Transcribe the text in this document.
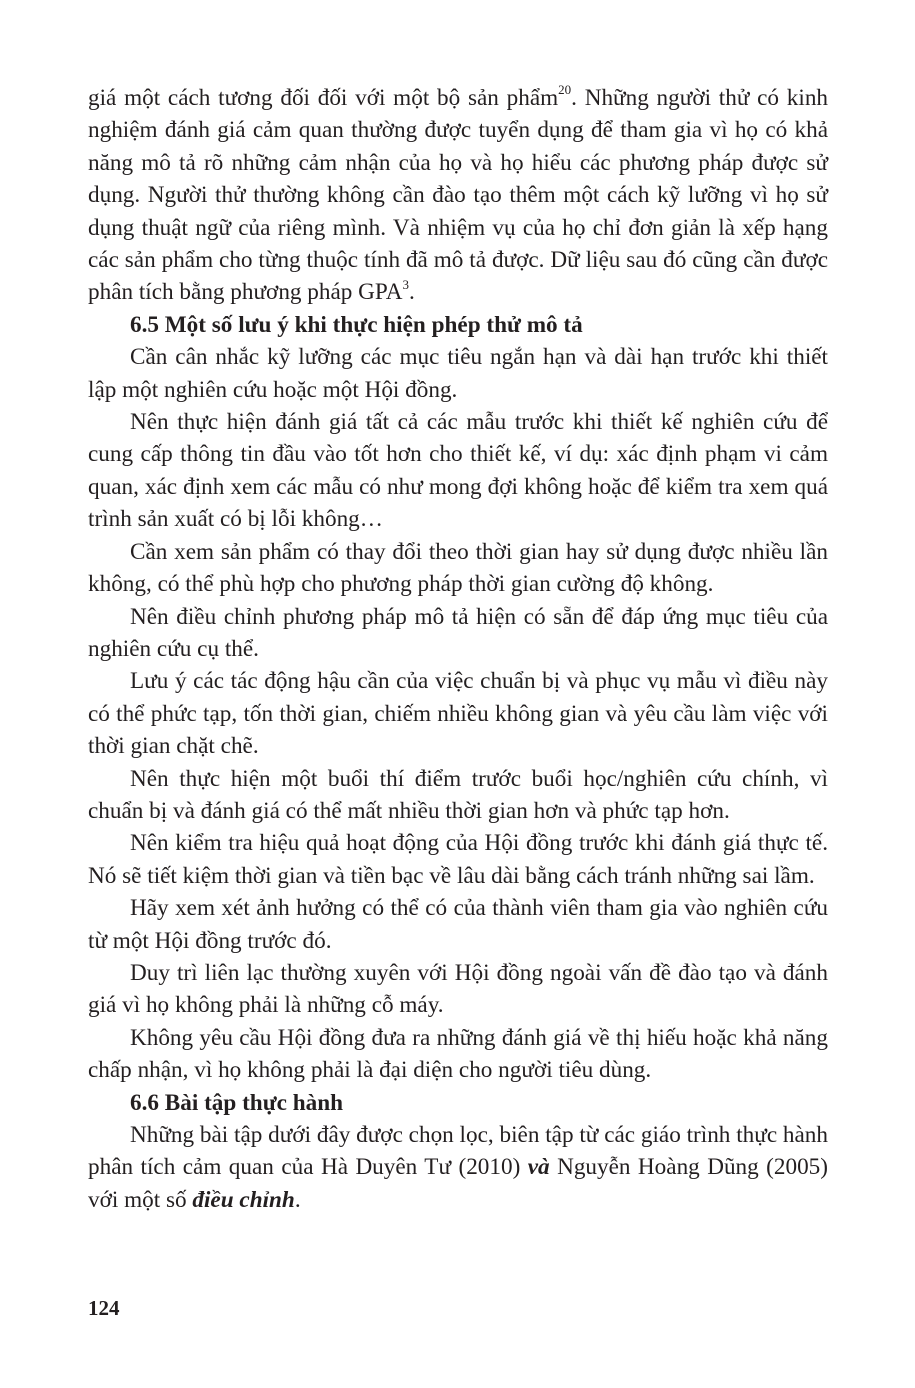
giá một cách tương đối đối với một bộ sản phẩm$^{20}$. Những người thử có kinh nghiệm đánh giá cảm quan thường được tuyển dụng để tham gia vì họ có khả năng mô tả rõ những cảm nhận của họ và họ hiểu các phương pháp được sử dụng. Người thử thường không cần đào tạo thêm một cách kỹ lưỡng vì họ sử dụng thuật ngữ của riêng mình. Và nhiệm vụ của họ chỉ đơn giản là xếp hạng các sản phẩm cho từng thuộc tính đã mô tả được. Dữ liệu sau đó cũng cần được phân tích bằng phương pháp GPA$^3$.

6.5 Một số lưu ý khi thực hiện phép thử mô tả

Cần cân nhắc kỹ lưỡng các mục tiêu ngắn hạn và dài hạn trước khi thiết lập một nghiên cứu hoặc một Hội đồng.

Nên thực hiện đánh giá tất cả các mẫu trước khi thiết kế nghiên cứu để cung cấp thông tin đầu vào tốt hơn cho thiết kế, ví dụ: xác định phạm vi cảm quan, xác định xem các mẫu có như mong đợi không hoặc để kiểm tra xem quá trình sản xuất có bị lỗi không…

Cần xem sản phẩm có thay đổi theo thời gian hay sử dụng được nhiều lần không, có thể phù hợp cho phương pháp thời gian cường độ không.

Nên điều chỉnh phương pháp mô tả hiện có sẵn để đáp ứng mục tiêu của nghiên cứu cụ thể.

Lưu ý các tác động hậu cần của việc chuẩn bị và phục vụ mẫu vì điều này có thể phức tạp, tốn thời gian, chiếm nhiều không gian và yêu cầu làm việc với thời gian chặt chẽ.

Nên thực hiện một buổi thí điểm trước buổi học/nghiên cứu chính, vì chuẩn bị và đánh giá có thể mất nhiều thời gian hơn và phức tạp hơn.

Nên kiểm tra hiệu quả hoạt động của Hội đồng trước khi đánh giá thực tế. Nó sẽ tiết kiệm thời gian và tiền bạc về lâu dài bằng cách tránh những sai lầm.

Hãy xem xét ảnh hưởng có thể có của thành viên tham gia vào nghiên cứu từ một Hội đồng trước đó.

Duy trì liên lạc thường xuyên với Hội đồng ngoài vấn đề đào tạo và đánh giá vì họ không phải là những cỗ máy.

Không yêu cầu Hội đồng đưa ra những đánh giá về thị hiếu hoặc khả năng chấp nhận, vì họ không phải là đại diện cho người tiêu dùng.

6.6 Bài tập thực hành

Những bài tập dưới đây được chọn lọc, biên tập từ các giáo trình thực hành phân tích cảm quan của Hà Duyên Tư (2010) và Nguyễn Hoàng Dũng (2005) với một số điều chỉnh.

124
